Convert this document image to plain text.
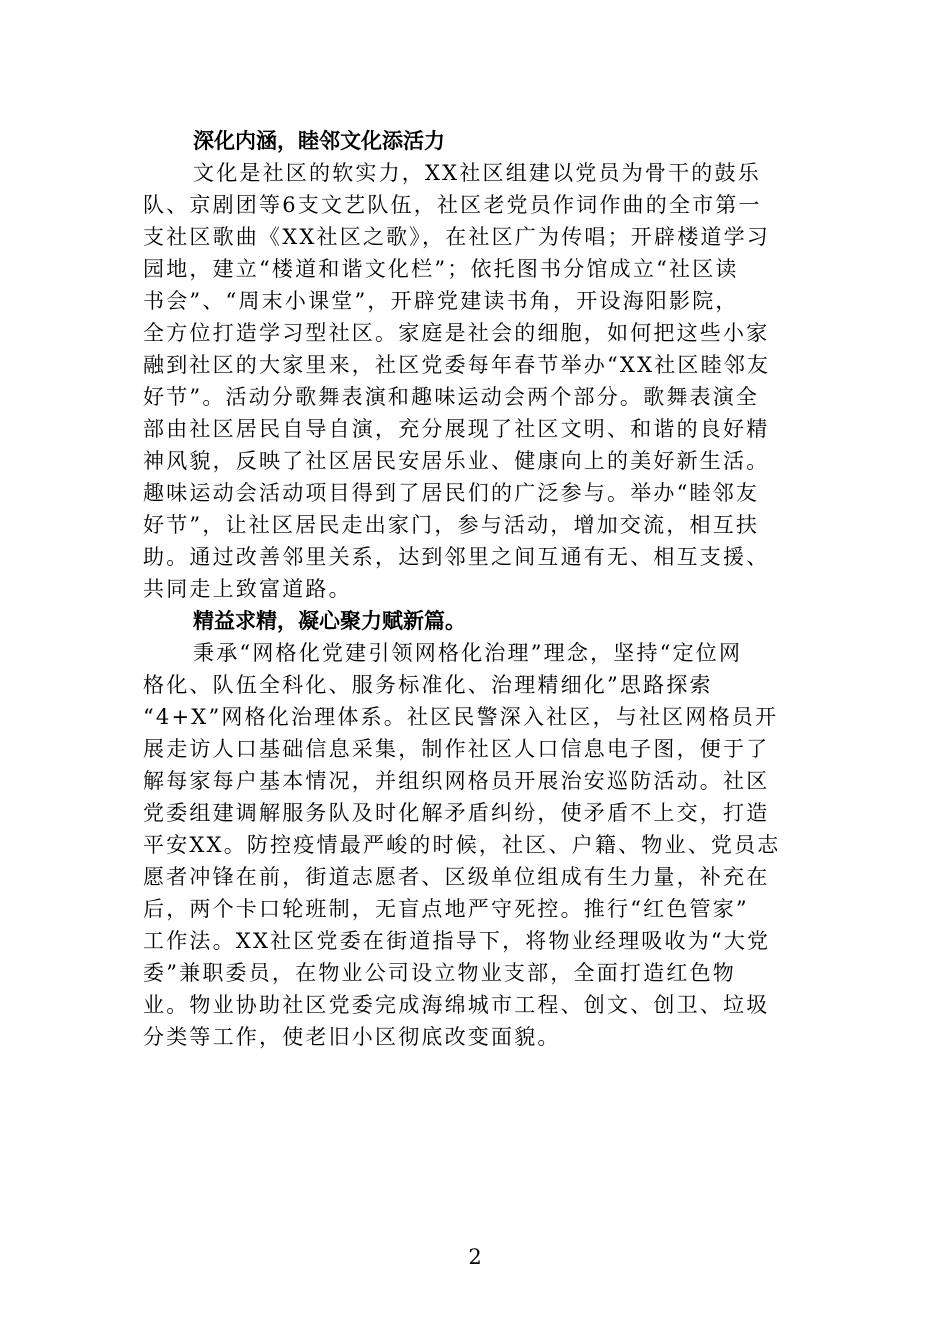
深化内涵，睦邻文化添活力
文化是社区的软实力，XX社区组建以党员为骨干的鼓乐
队、京剧团等6支文艺队伍，社区老党员作词作曲的全市第一
支社区歌曲《XX社区之歌》，在社区广为传唱；开辟楼道学习
园地，建立“楼道和谐文化栏”；依托图书分馆成立“社区读
书会”、“周末小课堂”，开辟党建读书角，开设海阳影院，
全方位打造学习型社区。家庭是社会的细胞，如何把这些小家
融到社区的大家里来，社区党委每年春节举办“XX社区睦邻友
好节”。活动分歌舞表演和趣味运动会两个部分。歌舞表演全
部由社区居民自导自演，充分展现了社区文明、和谐的良好精
神风貌，反映了社区居民安居乐业、健康向上的美好新生活。
趣味运动会活动项目得到了居民们的广泛参与。举办“睦邻友
好节”，让社区居民走出家门，参与活动，增加交流，相互扶
助。通过改善邻里关系，达到邻里之间互通有无、相互支援、
共同走上致富道路。
精益求精，凝心聚力赋新篇。
秉承“网格化党建引领网格化治理”理念，坚持“定位网
格化、队伍全科化、服务标准化、治理精细化”思路探索
“4+X”网格化治理体系。社区民警深入社区，与社区网格员开
展走访人口基础信息采集，制作社区人口信息电子图，便于了
解每家每户基本情况，并组织网格员开展治安巡防活动。社区
党委组建调解服务队及时化解矛盾纠纷，使矛盾不上交，打造
平安XX。防控疫情最严峻的时候，社区、户籍、物业、党员志
愿者冲锋在前，街道志愿者、区级单位组成有生力量，补充在
后，两个卡口轮班制，无盲点地严守死控。推行“红色管家”
工作法。XX社区党委在街道指导下，将物业经理吸收为“大党
委”兼职委员，在物业公司设立物业支部，全面打造红色物
业。物业协助社区党委完成海绵城市工程、创文、创卫、垃圾
分类等工作，使老旧小区彻底改变面貌。
2
